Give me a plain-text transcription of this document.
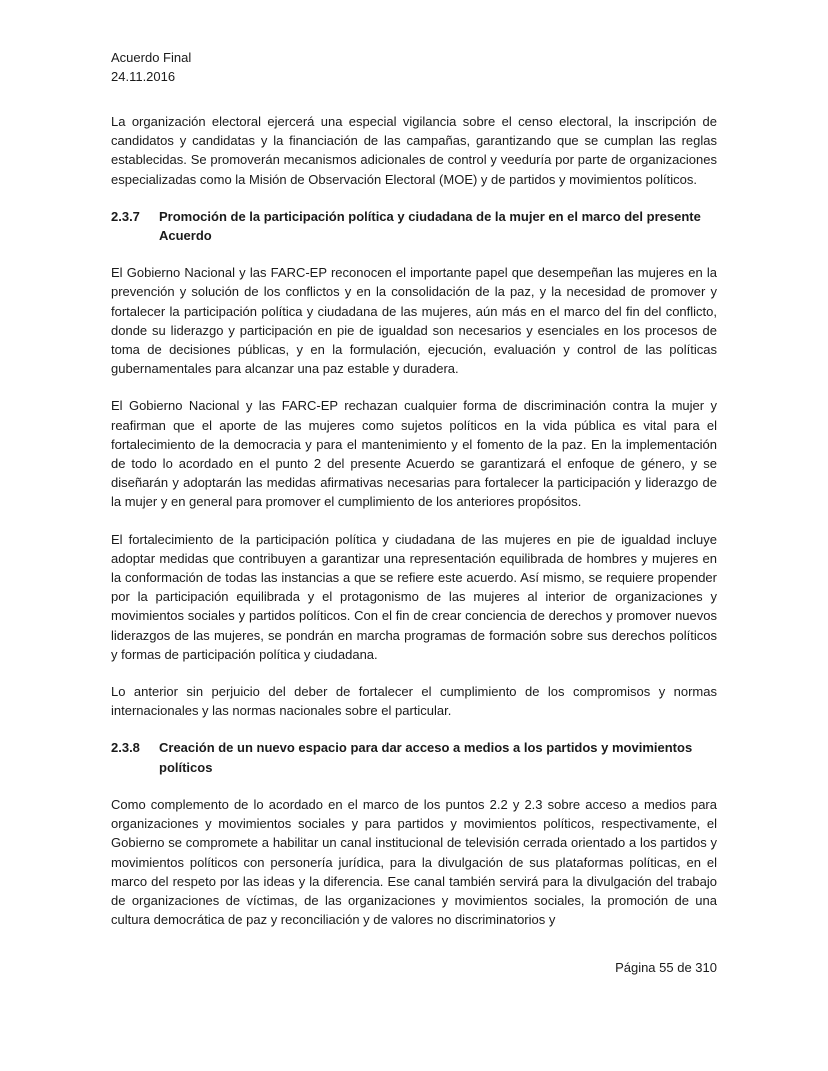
Acuerdo Final

24.11.2016

La organización electoral ejercerá una especial vigilancia sobre el censo electoral, la inscripción de candidatos y candidatas y la financiación de las campañas, garantizando que se cumplan las reglas establecidas. Se promoverán mecanismos adicionales de control y veeduría por parte de organizaciones especializadas como la Misión de Observación Electoral (MOE) y de partidos y movimientos políticos.

2.3.7	Promoción de la participación política y ciudadana de la mujer en el marco del presente Acuerdo

El Gobierno Nacional y las FARC-EP reconocen el importante papel que desempeñan las mujeres en la prevención y solución de los conflictos y en la consolidación de la paz, y la necesidad de promover y fortalecer la participación política y ciudadana de las mujeres, aún más en el marco del fin del conflicto, donde su liderazgo y participación en pie de igualdad son necesarios y esenciales en los procesos de toma de decisiones públicas, y en la formulación, ejecución, evaluación y control de las políticas gubernamentales para alcanzar una paz estable y duradera.

El Gobierno Nacional y las FARC-EP rechazan cualquier forma de discriminación contra la mujer y reafirman que el aporte de las mujeres como sujetos políticos en la vida pública es vital para el fortalecimiento de la democracia y para el mantenimiento y el fomento de la paz. En la implementación de todo lo acordado en el punto 2 del presente Acuerdo se garantizará el enfoque de género, y se diseñarán y adoptarán las medidas afirmativas necesarias para fortalecer la participación y liderazgo de la mujer y en general para promover el cumplimiento de los anteriores propósitos.

El fortalecimiento de la participación política y ciudadana de las mujeres en pie de igualdad incluye adoptar medidas que contribuyen a garantizar una representación equilibrada de hombres y mujeres en la conformación de todas las instancias a que se refiere este acuerdo. Así mismo, se requiere propender por la participación equilibrada y el protagonismo de las mujeres al interior de organizaciones y movimientos sociales y partidos políticos. Con el fin de crear conciencia de derechos y promover nuevos liderazgos de las mujeres, se pondrán en marcha programas de formación sobre sus derechos políticos y formas de participación política y ciudadana.

Lo anterior sin perjuicio del deber de fortalecer el cumplimiento de los compromisos y normas internacionales y las normas nacionales sobre el particular.

2.3.8	Creación de un nuevo espacio para dar acceso a medios a los partidos y movimientos políticos

Como complemento de lo acordado en el marco de los puntos 2.2 y 2.3 sobre acceso a medios para organizaciones y movimientos sociales y para partidos y movimientos políticos, respectivamente, el Gobierno se compromete a habilitar un canal institucional de televisión cerrada orientado a los partidos y movimientos políticos con personería jurídica, para la divulgación de sus plataformas políticas, en el marco del respeto por las ideas y la diferencia. Ese canal también servirá para la divulgación del trabajo de organizaciones de víctimas, de las organizaciones y movimientos sociales, la promoción de una cultura democrática de paz y reconciliación y de valores no discriminatorios y

Página 55 de 310
